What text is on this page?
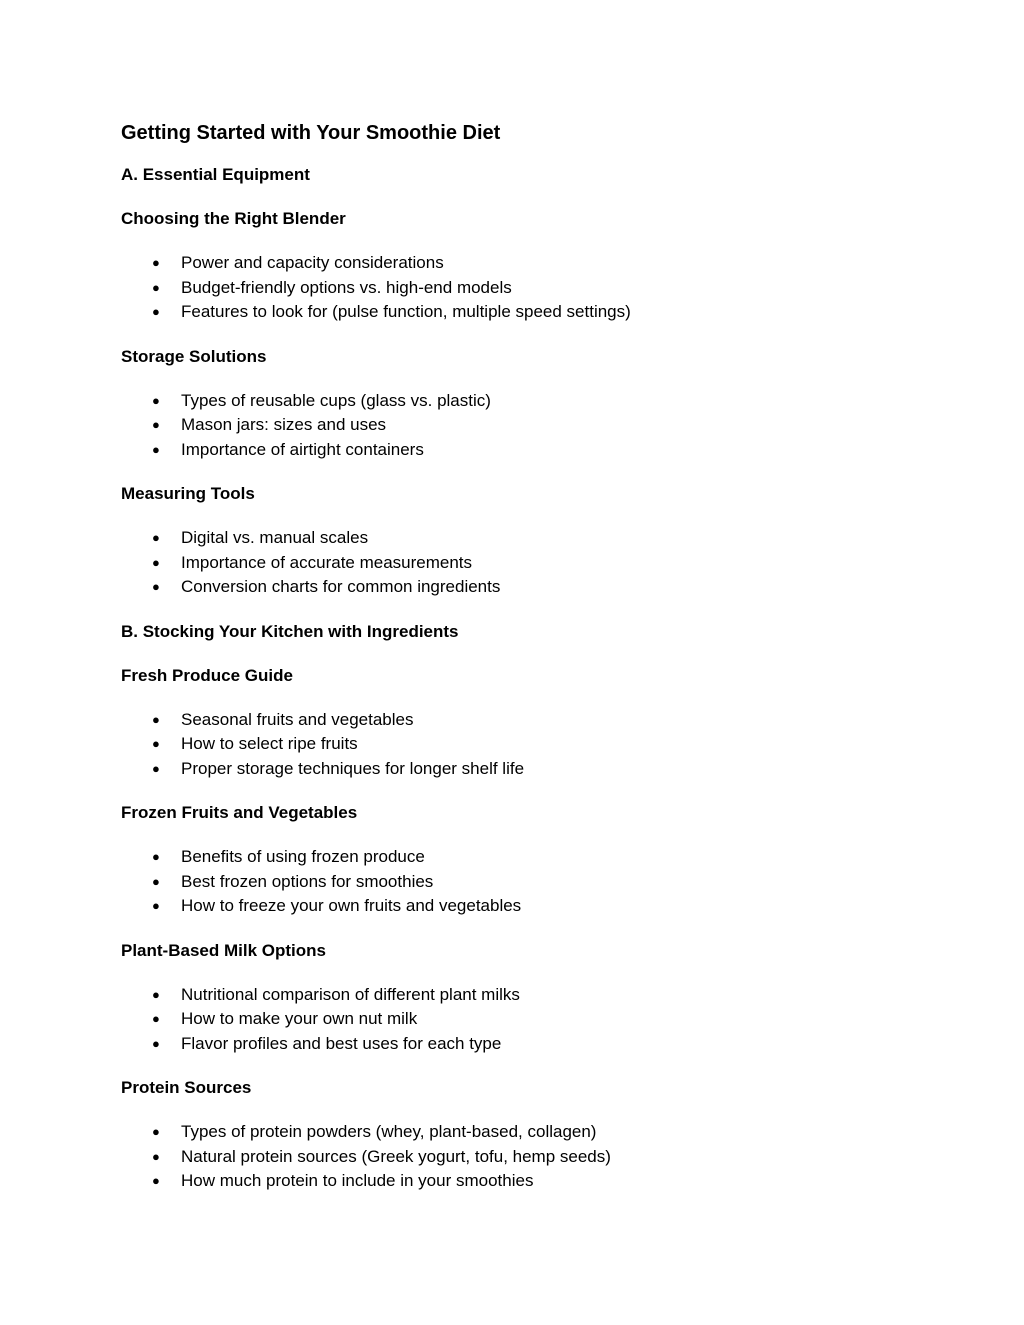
Getting Started with Your Smoothie Diet
A. Essential Equipment
Choosing the Right Blender
● Power and capacity considerations
● Budget-friendly options vs. high-end models
● Features to look for (pulse function, multiple speed settings)
Storage Solutions
● Types of reusable cups (glass vs. plastic)
● Mason jars: sizes and uses
● Importance of airtight containers
Measuring Tools
● Digital vs. manual scales
● Importance of accurate measurements
● Conversion charts for common ingredients
B. Stocking Your Kitchen with Ingredients
Fresh Produce Guide
● Seasonal fruits and vegetables
● How to select ripe fruits
● Proper storage techniques for longer shelf life
Frozen Fruits and Vegetables
● Benefits of using frozen produce
● Best frozen options for smoothies
● How to freeze your own fruits and vegetables
Plant-Based Milk Options
● Nutritional comparison of different plant milks
● How to make your own nut milk
● Flavor profiles and best uses for each type
Protein Sources
● Types of protein powders (whey, plant-based, collagen)
● Natural protein sources (Greek yogurt, tofu, hemp seeds)
● How much protein to include in your smoothies
